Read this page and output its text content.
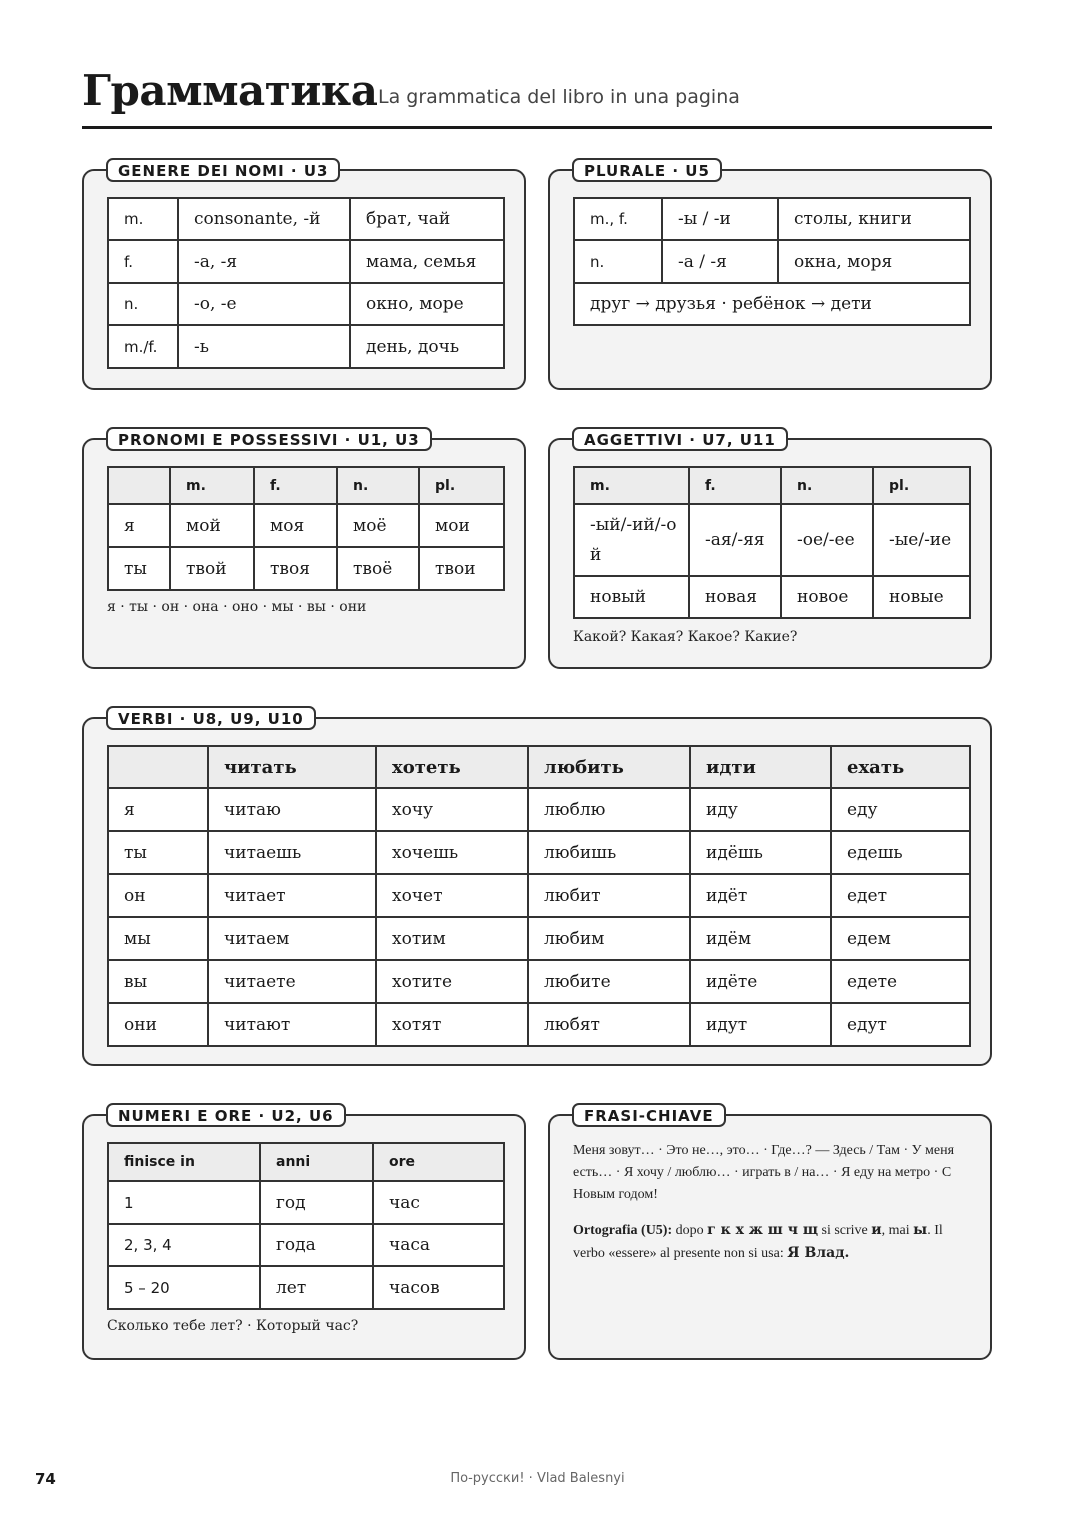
Грамматика La grammatica del libro in una pagina
GENERE DEI NOMI · U3
m.	consonante, -й	брат, чай
f.	-а, -я	мама, семья
n.	-о, -е	окно, море
m./f.	-ь	день, дочь
PLURALE · U5
m., f.	-ы / -и	столы, книги
n.	-а / -я	окна, моря
друг → друзья · ребёнок → дети		
PRONOMI E POSSESSIVI · U1, U3
	m.	f.	n.	pl.
я	мой	моя	моё	мои
ты	твой	твоя	твоё	твои
я · ты · он · она · оно · мы · вы · они
AGGETTIVI · U7, U11
m.	f.	n.	pl.
-ый/-ий/-ой	-ая/-яя	-ое/-ее	-ые/-ие
новый	новая	новое	новые
Какой? Какая? Какое? Какие?
VERBI · U8, U9, U10
	читать	хотеть	любить	идти	ехать
я	читаю	хочу	люблю	иду	еду
ты	читаешь	хочешь	любишь	идёшь	едешь
он	читает	хочет	любит	идёт	едет
мы	читаем	хотим	любим	идём	едем
вы	читаете	хотите	любите	идёте	едете
они	читают	хотят	любят	идут	едут
NUMERI E ORE · U2, U6
finisce in	anni	ore
1	год	час
2, 3, 4	года	часа
5 – 20	лет	часов
Сколько тебе лет? · Который час?
FRASI-CHIAVE
Меня зовут… · Это не…, это… · Где…? — Здесь / Там · У меня есть… · Я хочу / люблю… · играть в / на… · Я еду на метро · С Новым годом!
Ortografia (U5): dopo г к х ж ш ч щ si scrive и, mai ы. Il verbo «essere» al presente non si usa: Я Влад.
74	По-русски! · Vlad Balesnyi
